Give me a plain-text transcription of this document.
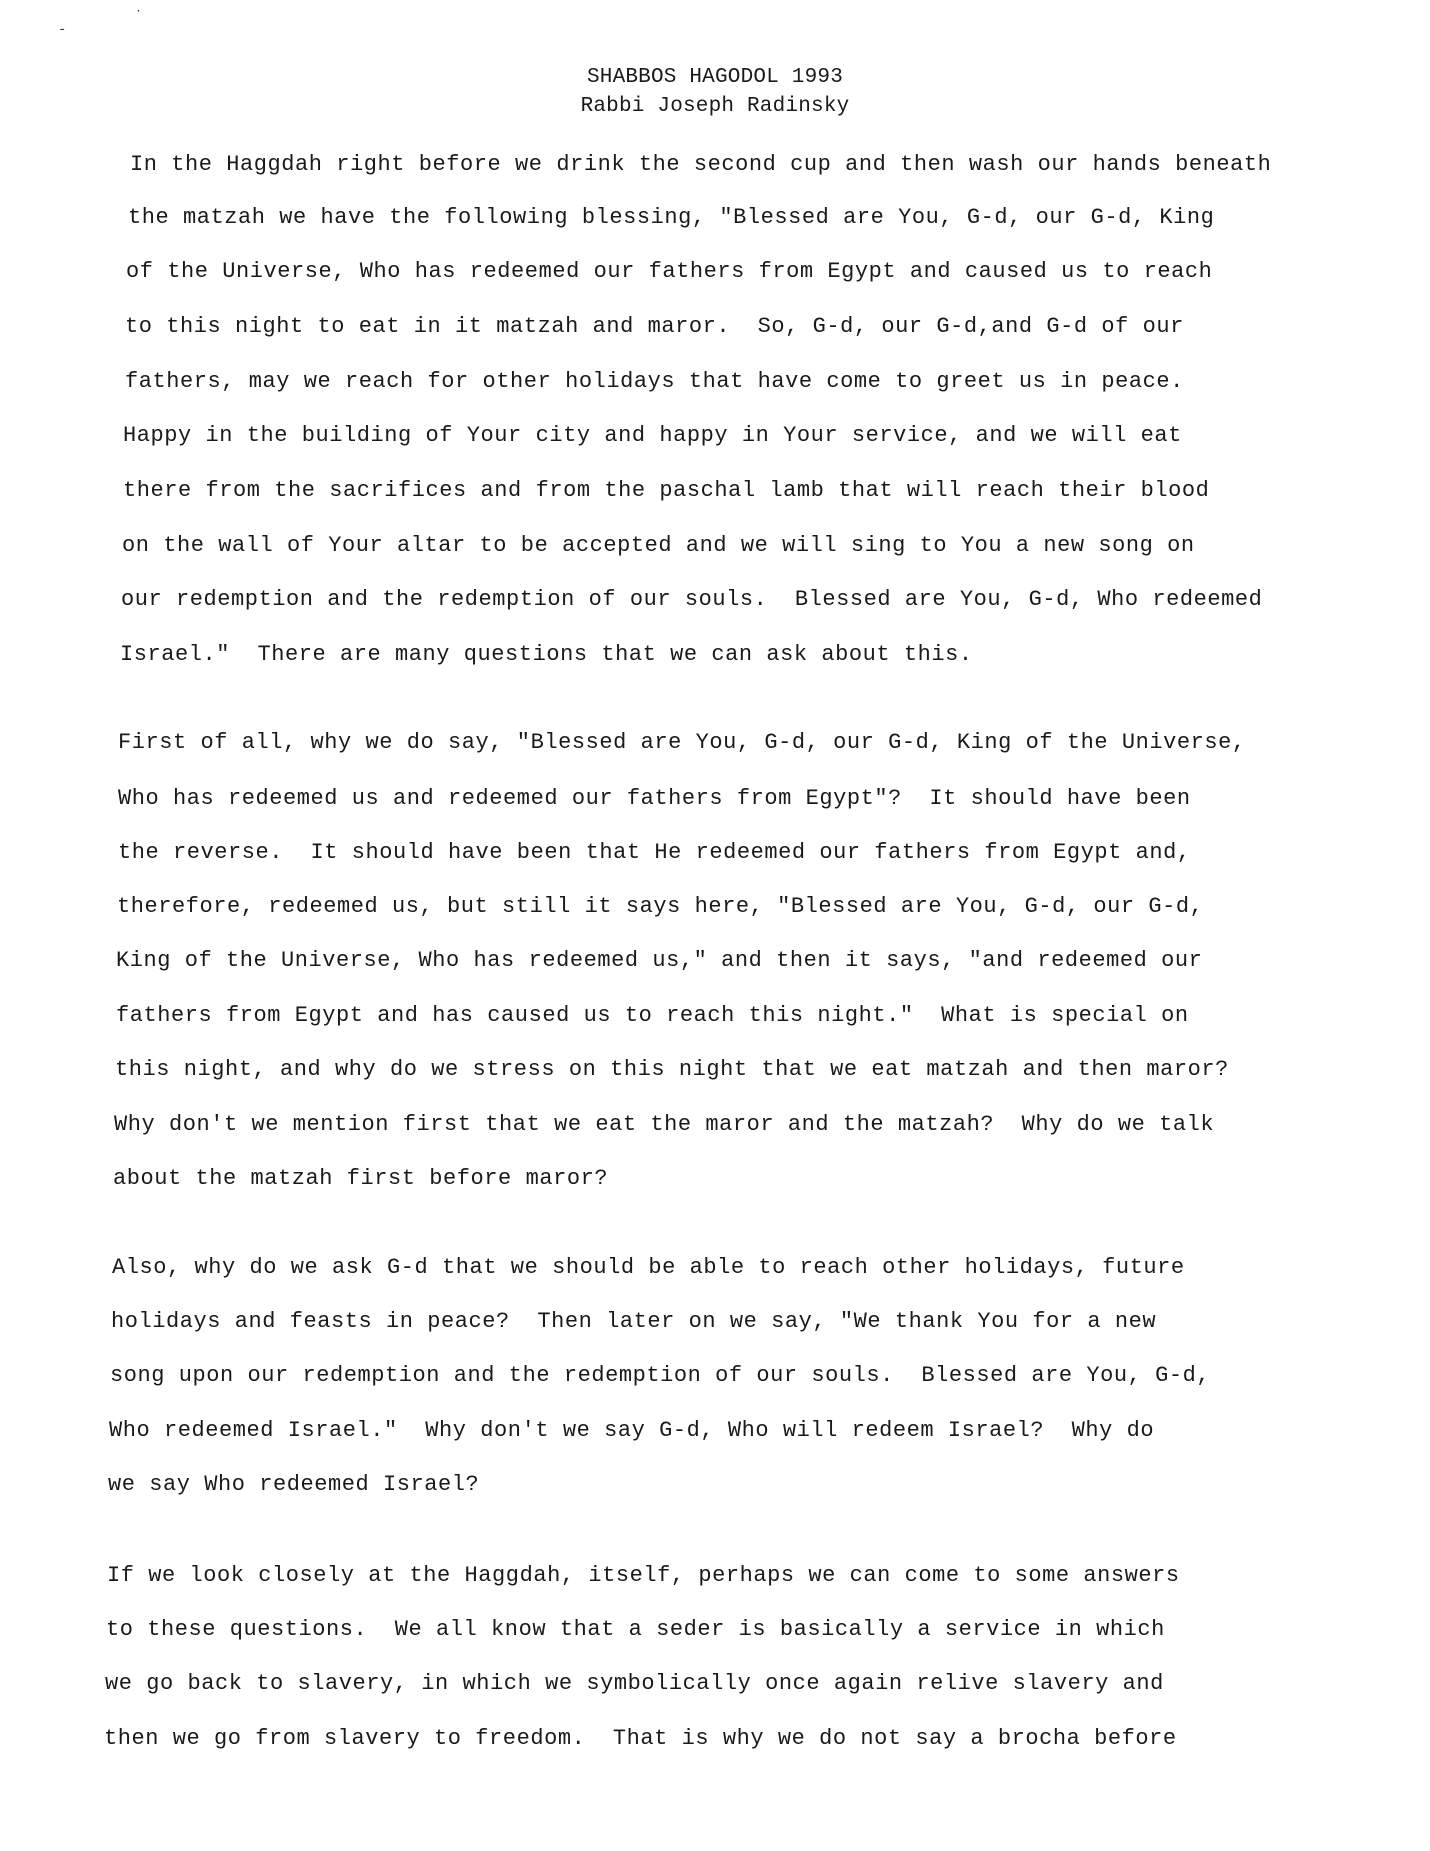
ˑ
-
SHABBOS HAGODOL 1993
Rabbi Joseph Radinsky
In the Haggdah right before we drink the second cup and then wash our hands beneath
the matzah we have the following blessing, "Blessed are You, G-d, our G-d, King
of the Universe, Who has redeemed our fathers from Egypt and caused us to reach
to this night to eat in it matzah and maror.  So, G-d, our G-d,and G-d of our
fathers, may we reach for other holidays that have come to greet us in peace.
Happy in the building of Your city and happy in Your service, and we will eat
there from the sacrifices and from the paschal lamb that will reach their blood
on the wall of Your altar to be accepted and we will sing to You a new song on
our redemption and the redemption of our souls.  Blessed are You, G-d, Who redeemed
Israel."  There are many questions that we can ask about this.
First of all, why we do say, "Blessed are You, G-d, our G-d, King of the Universe,
Who has redeemed us and redeemed our fathers from Egypt"?  It should have been
the reverse.  It should have been that He redeemed our fathers from Egypt and,
therefore, redeemed us, but still it says here, "Blessed are You, G-d, our G-d,
King of the Universe, Who has redeemed us," and then it says, "and redeemed our
fathers from Egypt and has caused us to reach this night."  What is special on
this night, and why do we stress on this night that we eat matzah and then maror?
Why don't we mention first that we eat the maror and the matzah?  Why do we talk
about the matzah first before maror?
Also, why do we ask G-d that we should be able to reach other holidays, future
holidays and feasts in peace?  Then later on we say, "We thank You for a new
song upon our redemption and the redemption of our souls.  Blessed are You, G-d,
Who redeemed Israel."  Why don't we say G-d, Who will redeem Israel?  Why do
we say Who redeemed Israel?
If we look closely at the Haggdah, itself, perhaps we can come to some answers
to these questions.  We all know that a seder is basically a service in which
we go back to slavery, in which we symbolically once again relive slavery and
then we go from slavery to freedom.  That is why we do not say a brocha before
